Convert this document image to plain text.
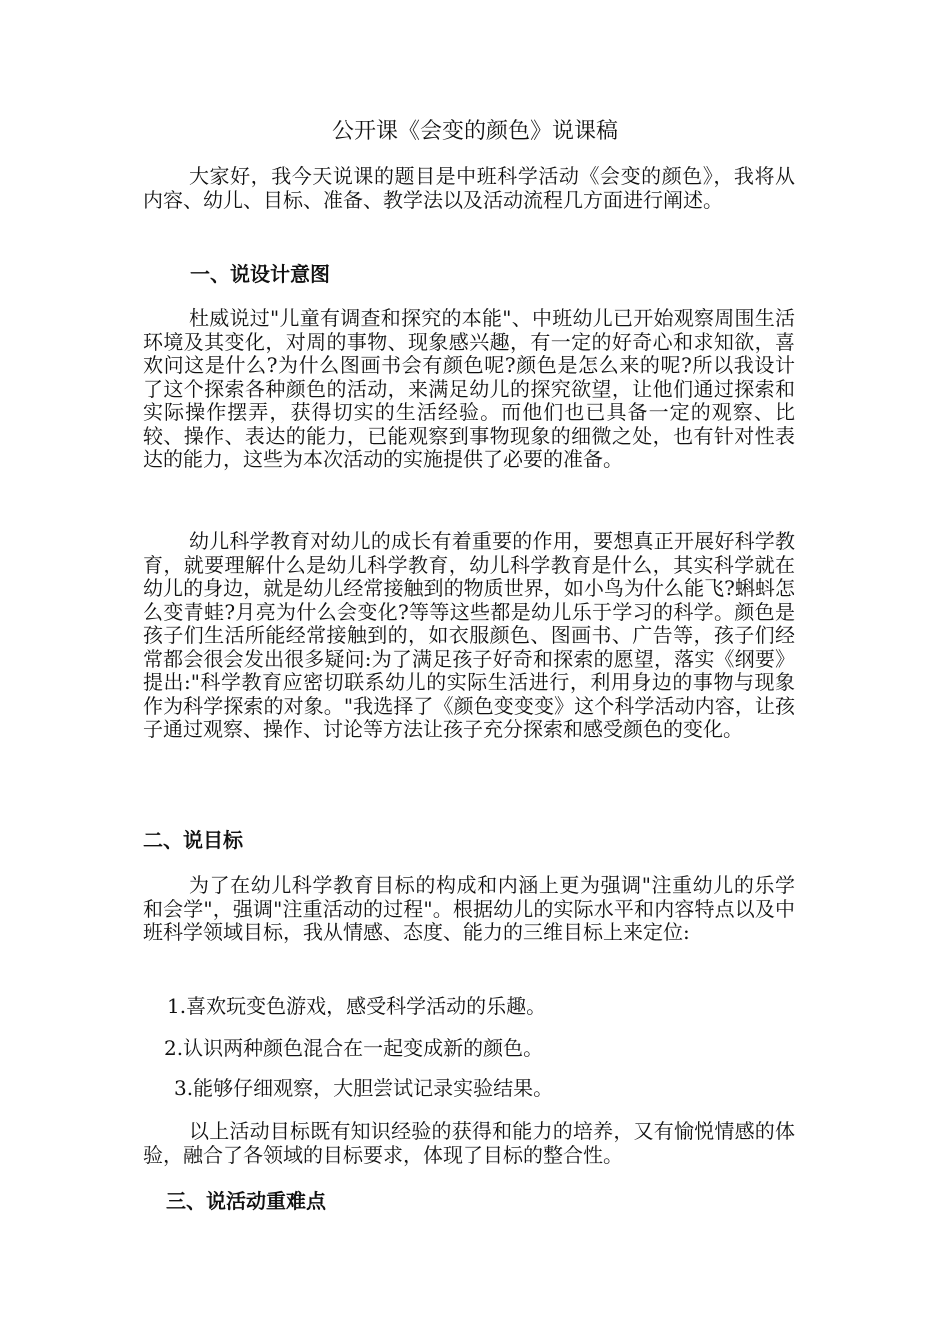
公开课《会变的颜色》说课稿

大家好，我今天说课的题目是中班科学活动《会变的颜色》，我将从内容、幼儿、目标、准备、教学法以及活动流程几方面进行阐述。

一、说设计意图

杜威说过"儿童有调查和探究的本能"、中班幼儿已开始观察周围生活环境及其变化，对周的事物、现象感兴趣，有一定的好奇心和求知欲，喜欢问这是什么?为什么图画书会有颜色呢?颜色是怎么来的呢?所以我设计了这个探索各种颜色的活动，来满足幼儿的探究欲望，让他们通过探索和实际操作摆弄，获得切实的生活经验。而他们也已具备一定的观察、比较、操作、表达的能力，已能观察到事物现象的细微之处，也有针对性表达的能力，这些为本次活动的实施提供了必要的准备。

幼儿科学教育对幼儿的成长有着重要的作用，要想真正开展好科学教育，就要理解什么是幼儿科学教育，幼儿科学教育是什么，其实科学就在幼儿的身边，就是幼儿经常接触到的物质世界，如小鸟为什么能飞?蝌蚪怎么变青蛙?月亮为什么会变化?等等这些都是幼儿乐于学习的科学。颜色是孩子们生活所能经常接触到的，如衣服颜色、图画书、广告等，孩子们经常都会很会发出很多疑问:为了满足孩子好奇和探索的愿望，落实《纲要》提出:"科学教育应密切联系幼儿的实际生活进行，利用身边的事物与现象作为科学探索的对象。"我选择了《颜色变变变》这个科学活动内容，让孩子通过观察、操作、讨论等方法让孩子充分探索和感受颜色的变化。

二、说目标

为了在幼儿科学教育目标的构成和内涵上更为强调"注重幼儿的乐学和会学"，强调"注重活动的过程"。根据幼儿的实际水平和内容特点以及中班科学领域目标，我从情感、态度、能力的三维目标上来定位:

1.喜欢玩变色游戏，感受科学活动的乐趣。

2.认识两种颜色混合在一起变成新的颜色。

3.能够仔细观察，大胆尝试记录实验结果。

以上活动目标既有知识经验的获得和能力的培养，又有愉悦情感的体验，融合了各领域的目标要求，体现了目标的整合性。

三、说活动重难点
